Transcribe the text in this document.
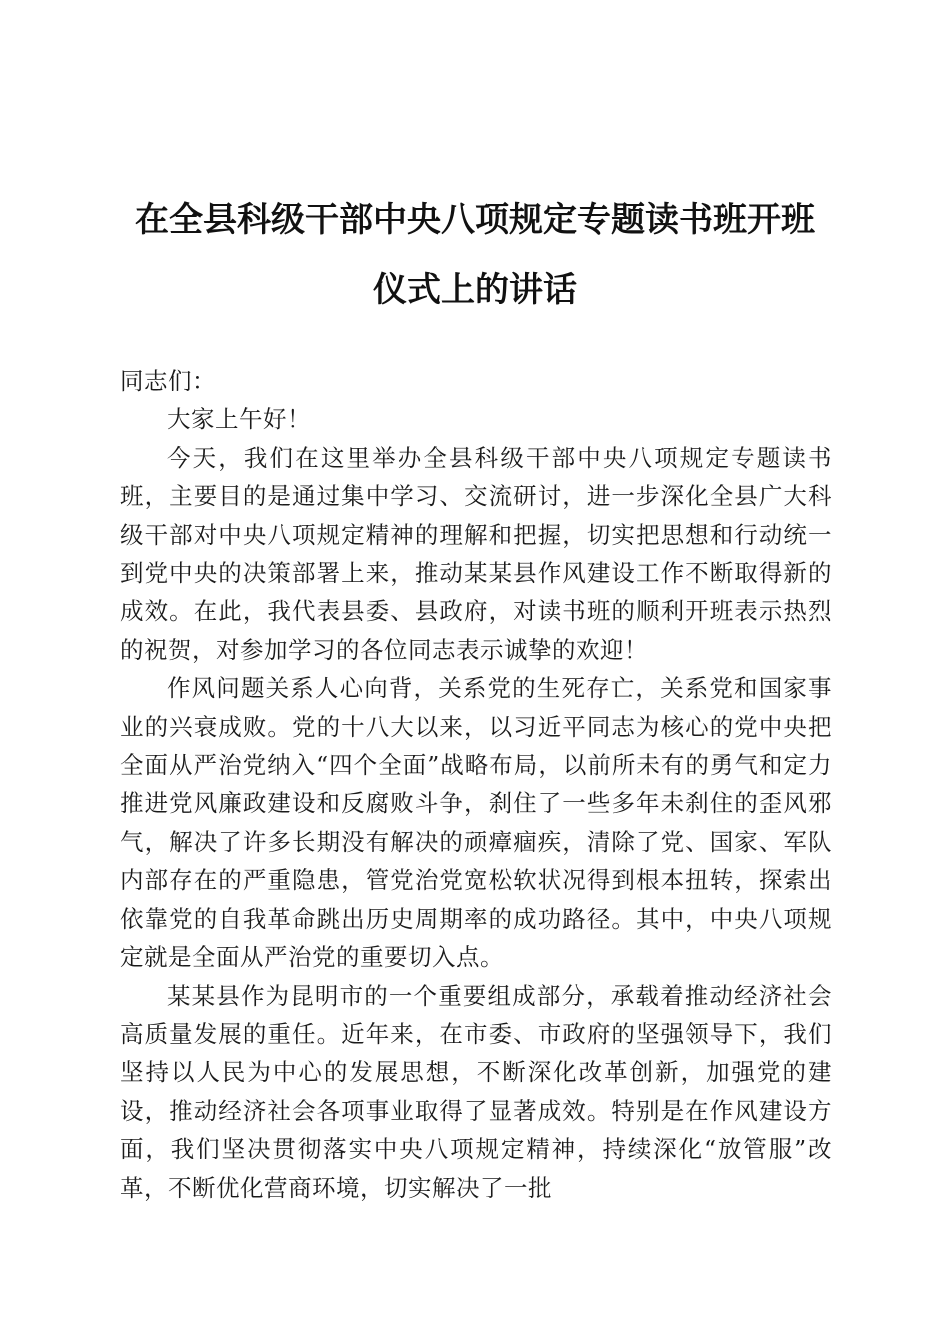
在全县科级干部中央八项规定专题读书班开班
仪式上的讲话

同志们：

大家上午好！

今天，我们在这里举办全县科级干部中央八项规定专题读书班，主要目的是通过集中学习、交流研讨，进一步深化全县广大科级干部对中央八项规定精神的理解和把握，切实把思想和行动统一到党中央的决策部署上来，推动某某县作风建设工作不断取得新的成效。在此，我代表县委、县政府，对读书班的顺利开班表示热烈的祝贺，对参加学习的各位同志表示诚挚的欢迎！

作风问题关系人心向背，关系党的生死存亡，关系党和国家事业的兴衰成败。党的十八大以来，以习近平同志为核心的党中央把全面从严治党纳入“四个全面”战略布局，以前所未有的勇气和定力推进党风廉政建设和反腐败斗争，刹住了一些多年未刹住的歪风邪气，解决了许多长期没有解决的顽瘴痼疾，清除了党、国家、军队内部存在的严重隐患，管党治党宽松软状况得到根本扭转，探索出依靠党的自我革命跳出历史周期率的成功路径。其中，中央八项规定就是全面从严治党的重要切入点。

某某县作为昆明市的一个重要组成部分，承载着推动经济社会高质量发展的重任。近年来，在市委、市政府的坚强领导下，我们坚持以人民为中心的发展思想，不断深化改革创新，加强党的建设，推动经济社会各项事业取得了显著成效。特别是在作风建设方面，我们坚决贯彻落实中央八项规定精神，持续深化“放管服”改革，不断优化营商环境，切实解决了一批
